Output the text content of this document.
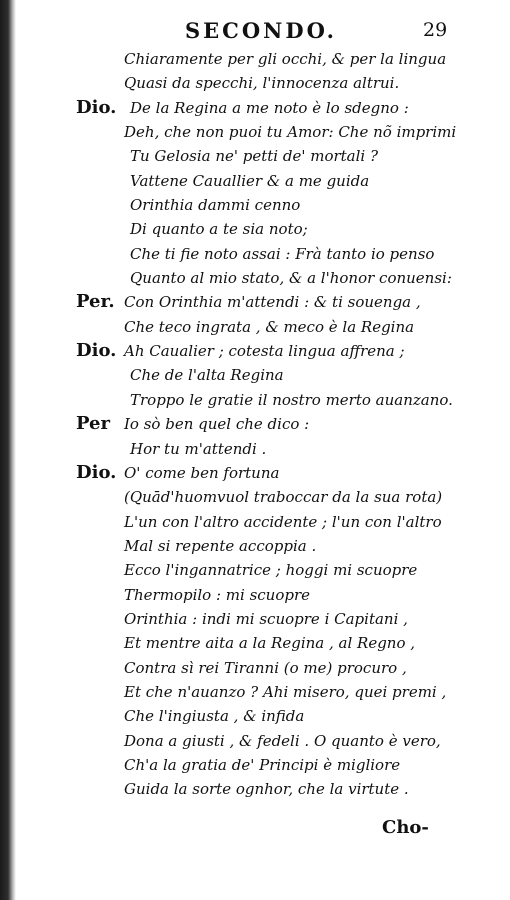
SECONDO.	29
Chiaramente per gli occhi, & per la lingua
Quasi da specchi, l'innocenza altrui.
Dio. De la Regina a me noto è lo sdegno :
Deh, che non puoi tu Amor: Che nõ imprimi
Tu Gelosia ne' petti de' mortali ?
Vattene Cauallier & a me guida
Orinthia dammi cenno
Di quanto a te sia noto;
Che ti fie noto assai : Frà tanto io penso
Quanto al mio stato, & a l'honor conuensi:
Per. Con Orinthia m'attendi : & ti souenga ,
Che teco ingrata , & meco è la Regina
Dio. Ah Caualier ; cotesta lingua affrena ;
Che de l'alta Regina
Troppo le gratie il nostro merto auanzano.
Per Io sò ben quel che dico :
Hor tu m'attendi .
Dio. O' come ben fortuna
(Quād'huomvuol traboccar da la sua rota)
L'un con l'altro accidente ; l'un con l'altro
Mal si repente accoppia .
Ecco l'ingannatrice ; hoggi mi scuopre
Thermopilo : mi scuopre
Orinthia : indi mi scuopre i Capitani ,
Et mentre aita a la Regina , al Regno ,
Contra sì rei Tiranni (o me) procuro ,
Et che n'auanzo ? Ahi misero, quei premi ,
Che l'ingiusta , & infida
Dona a giusti , & fedeli . O quanto è vero,
Ch'a la gratia de' Principi è migliore
Guida la sorte ognhor, che la virtute .
Cho-
